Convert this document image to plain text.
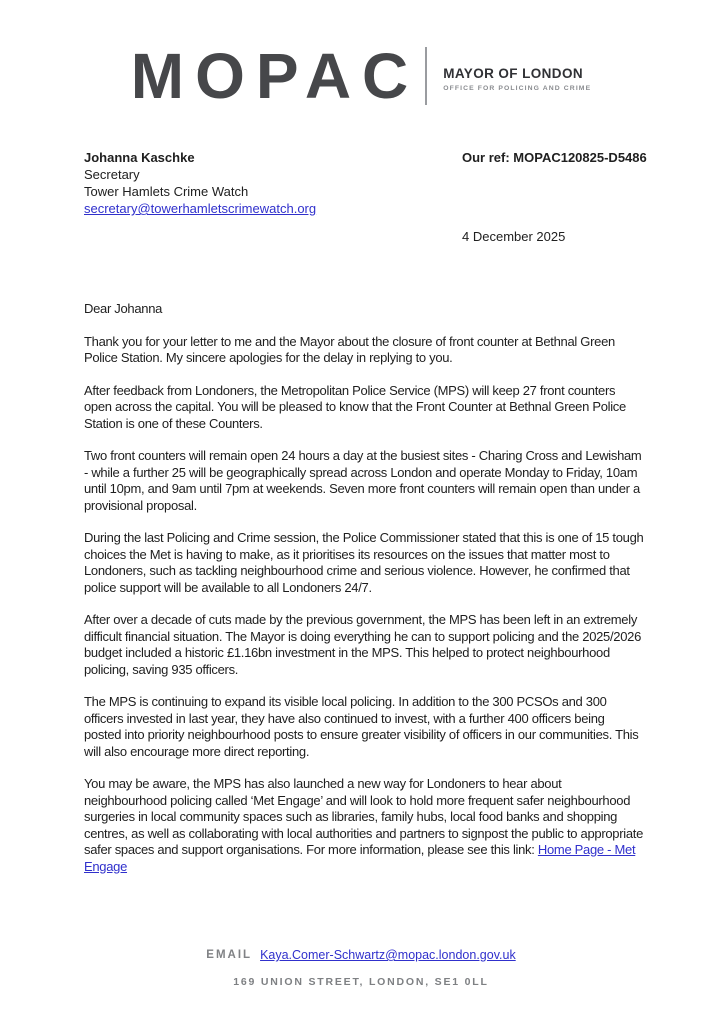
MOPAC MAYOR OF LONDON
OFFICE FOR POLICING AND CRIME
Johanna Kaschke
Secretary
Tower Hamlets Crime Watch
secretary@towerhamletscrimewatch.org
Our ref: MOPAC120825-D5486
4 December 2025

Dear Johanna

Thank you for your letter to me and the Mayor about the closure of front counter at Bethnal Green Police Station. My sincere apologies for the delay in replying to you.

After feedback from Londoners, the Metropolitan Police Service (MPS) will keep 27 front counters open across the capital. You will be pleased to know that the Front Counter at Bethnal Green Police Station is one of these Counters.

Two front counters will remain open 24 hours a day at the busiest sites - Charing Cross and Lewisham - while a further 25 will be geographically spread across London and operate Monday to Friday, 10am until 10pm, and 9am until 7pm at weekends. Seven more front counters will remain open than under a provisional proposal.

During the last Policing and Crime session, the Police Commissioner stated that this is one of 15 tough choices the Met is having to make, as it prioritises its resources on the issues that matter most to Londoners, such as tackling neighbourhood crime and serious violence. However, he confirmed that police support will be available to all Londoners 24/7.

After over a decade of cuts made by the previous government, the MPS has been left in an extremely difficult financial situation. The Mayor is doing everything he can to support policing and the 2025/2026 budget included a historic £1.16bn investment in the MPS. This helped to protect neighbourhood policing, saving 935 officers.

The MPS is continuing to expand its visible local policing. In addition to the 300 PCSOs and 300 officers invested in last year, they have also continued to invest, with a further 400 officers being posted into priority neighbourhood posts to ensure greater visibility of officers in our communities. This will also encourage more direct reporting.

You may be aware, the MPS has also launched a new way for Londoners to hear about neighbourhood policing called ‘Met Engage’ and will look to hold more frequent safer neighbourhood surgeries in local community spaces such as libraries, family hubs, local food banks and shopping centres, as well as collaborating with local authorities and partners to signpost the public to appropriate safer spaces and support organisations. For more information, please see this link: Home Page - Met Engage

EMAIL Kaya.Comer-Schwartz@mopac.london.gov.uk
169 UNION STREET, LONDON, SE1 0LL
